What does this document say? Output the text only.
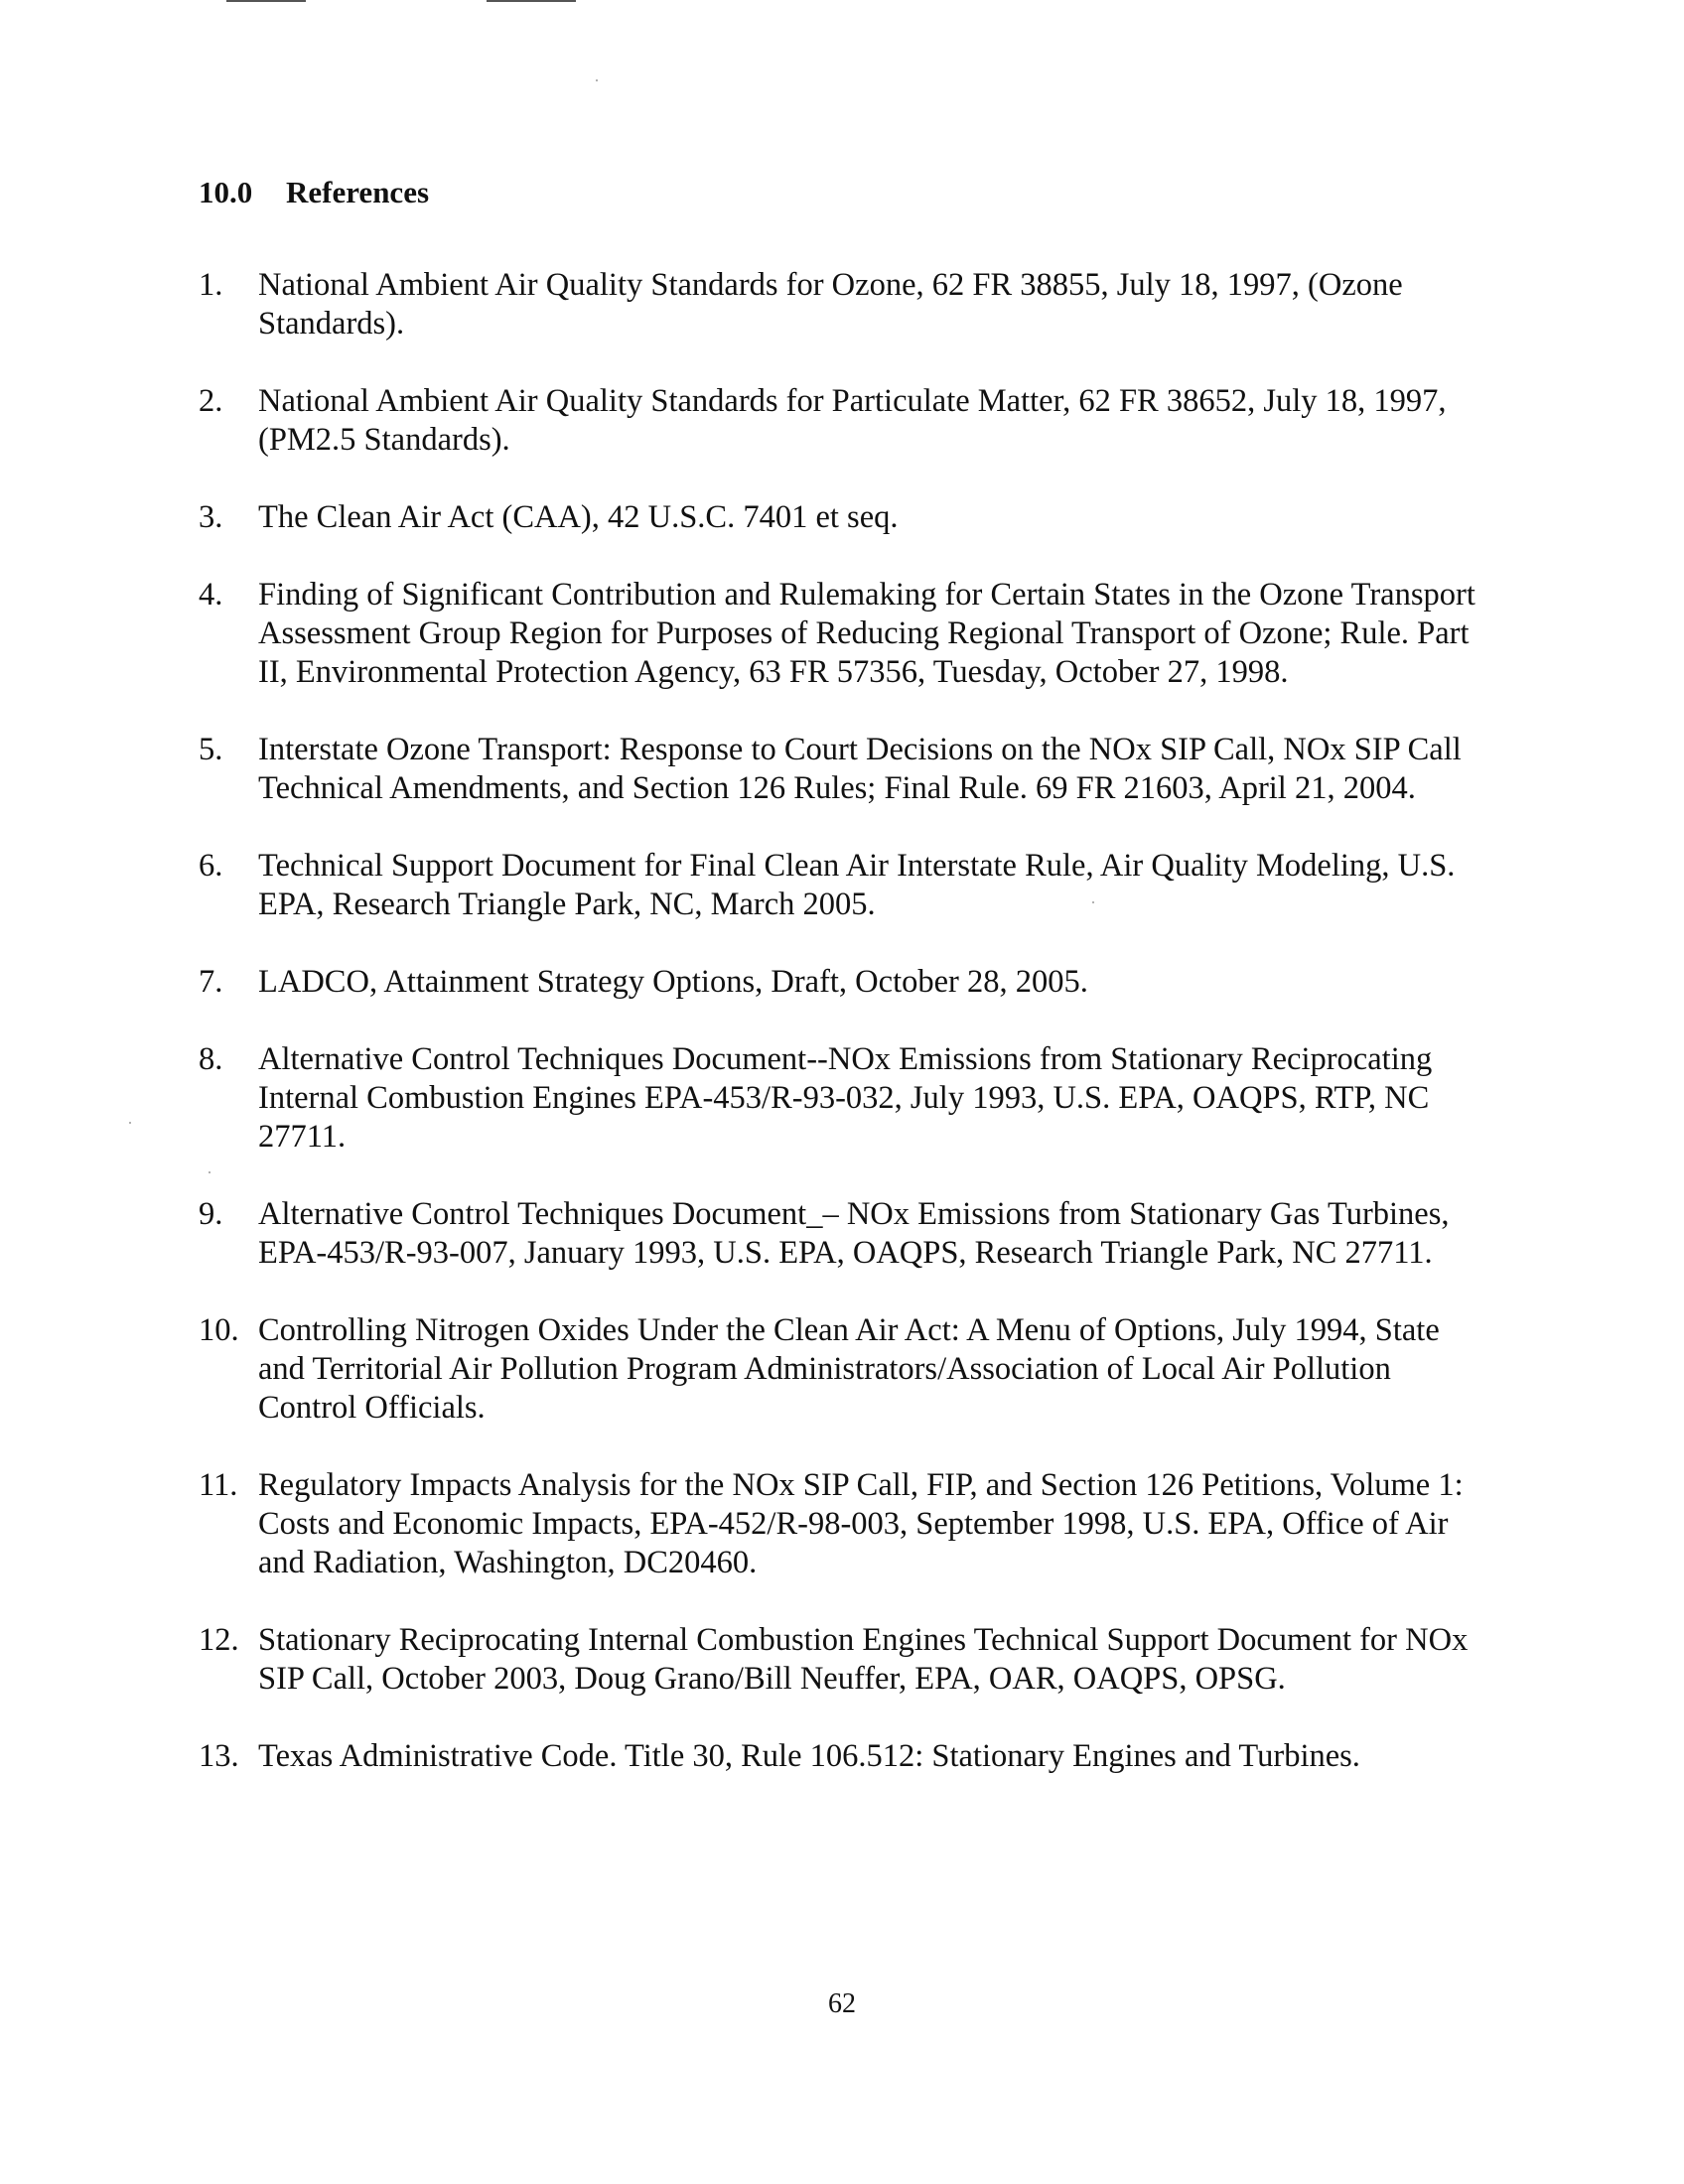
10.0 References
1. National Ambient Air Quality Standards for Ozone, 62 FR 38855, July 18, 1997, (Ozone Standards).
2. National Ambient Air Quality Standards for Particulate Matter, 62 FR 38652, July 18, 1997, (PM2.5 Standards).
3. The Clean Air Act (CAA), 42 U.S.C. 7401 et seq.
4. Finding of Significant Contribution and Rulemaking for Certain States in the Ozone Transport Assessment Group Region for Purposes of Reducing Regional Transport of Ozone; Rule. Part II, Environmental Protection Agency, 63 FR 57356, Tuesday, October 27, 1998.
5. Interstate Ozone Transport: Response to Court Decisions on the NOx SIP Call, NOx SIP Call Technical Amendments, and Section 126 Rules; Final Rule. 69 FR 21603, April 21, 2004.
6. Technical Support Document for Final Clean Air Interstate Rule, Air Quality Modeling, U.S. EPA, Research Triangle Park, NC, March 2005.
7. LADCO, Attainment Strategy Options, Draft, October 28, 2005.
8. Alternative Control Techniques Document--NOx Emissions from Stationary Reciprocating Internal Combustion Engines EPA-453/R-93-032, July 1993, U.S. EPA, OAQPS, RTP, NC 27711.
9. Alternative Control Techniques Document_– NOx Emissions from Stationary Gas Turbines, EPA-453/R-93-007, January 1993, U.S. EPA, OAQPS, Research Triangle Park, NC 27711.
10. Controlling Nitrogen Oxides Under the Clean Air Act: A Menu of Options, July 1994, State and Territorial Air Pollution Program Administrators/Association of Local Air Pollution Control Officials.
11. Regulatory Impacts Analysis for the NOx SIP Call, FIP, and Section 126 Petitions, Volume 1: Costs and Economic Impacts, EPA-452/R-98-003, September 1998, U.S. EPA, Office of Air and Radiation, Washington, DC20460.
12. Stationary Reciprocating Internal Combustion Engines Technical Support Document for NOx SIP Call, October 2003, Doug Grano/Bill Neuffer, EPA, OAR, OAQPS, OPSG.
13. Texas Administrative Code. Title 30, Rule 106.512: Stationary Engines and Turbines.
62
